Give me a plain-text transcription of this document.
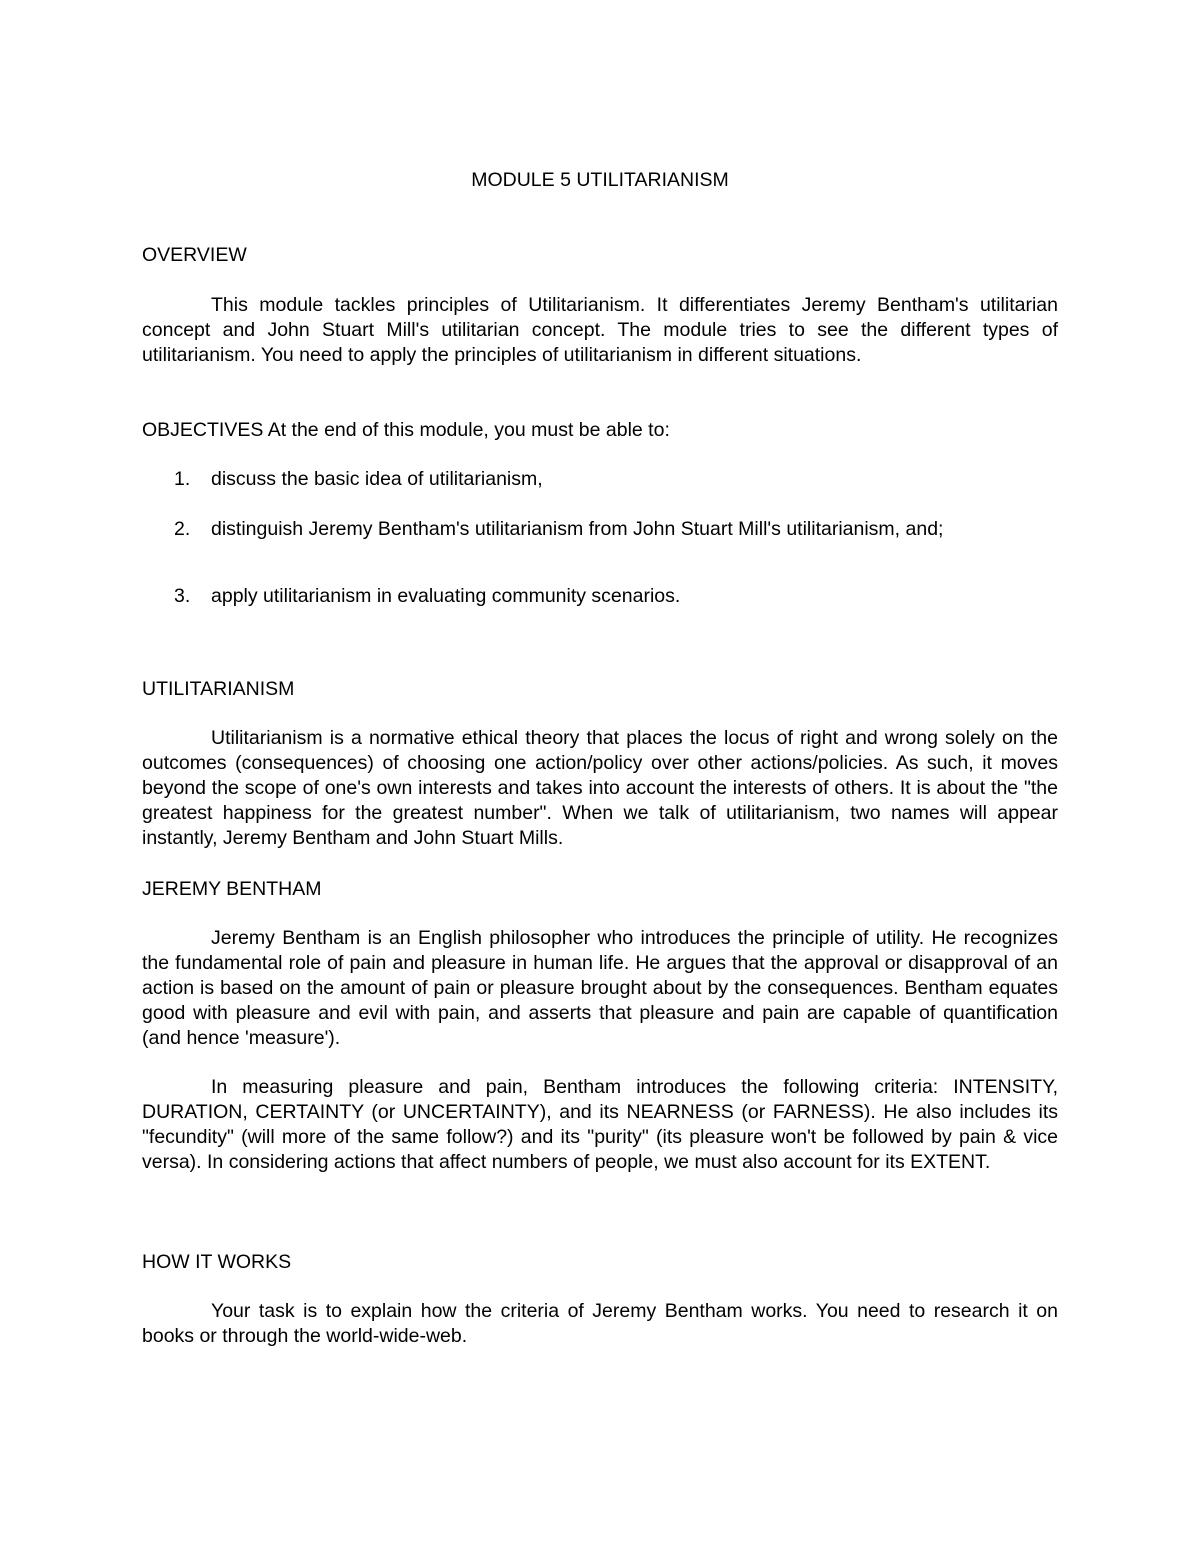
MODULE 5 UTILITARIANISM
OVERVIEW

This module tackles principles of Utilitarianism. It differentiates Jeremy Bentham's utilitarian concept and John Stuart Mill's utilitarian concept. The module tries to see the different types of utilitarianism. You need to apply the principles of utilitarianism in different situations.

OBJECTIVES At the end of this module, you must be able to:
1. discuss the basic idea of utilitarianism,
2. distinguish Jeremy Bentham's utilitarianism from John Stuart Mill's utilitarianism, and;
3. apply utilitarianism in evaluating community scenarios.
UTILITARIANISM

Utilitarianism is a normative ethical theory that places the locus of right and wrong solely on the outcomes (consequences) of choosing one action/policy over other actions/policies. As such, it moves beyond the scope of one's own interests and takes into account the interests of others. It is about the "the greatest happiness for the greatest number". When we talk of utilitarianism, two names will appear instantly, Jeremy Bentham and John Stuart Mills.

JEREMY BENTHAM

Jeremy Bentham is an English philosopher who introduces the principle of utility. He recognizes the fundamental role of pain and pleasure in human life. He argues that the approval or disapproval of an action is based on the amount of pain or pleasure brought about by the consequences. Bentham equates good with pleasure and evil with pain, and asserts that pleasure and pain are capable of quantification (and hence 'measure').

In measuring pleasure and pain, Bentham introduces the following criteria: INTENSITY, DURATION, CERTAINTY (or UNCERTAINTY), and its NEARNESS (or FARNESS). He also includes its "fecundity" (will more of the same follow?) and its "purity" (its pleasure won't be followed by pain & vice versa). In considering actions that affect numbers of people, we must also account for its EXTENT.

HOW IT WORKS

Your task is to explain how the criteria of Jeremy Bentham works. You need to research it on books or through the world-wide-web.
